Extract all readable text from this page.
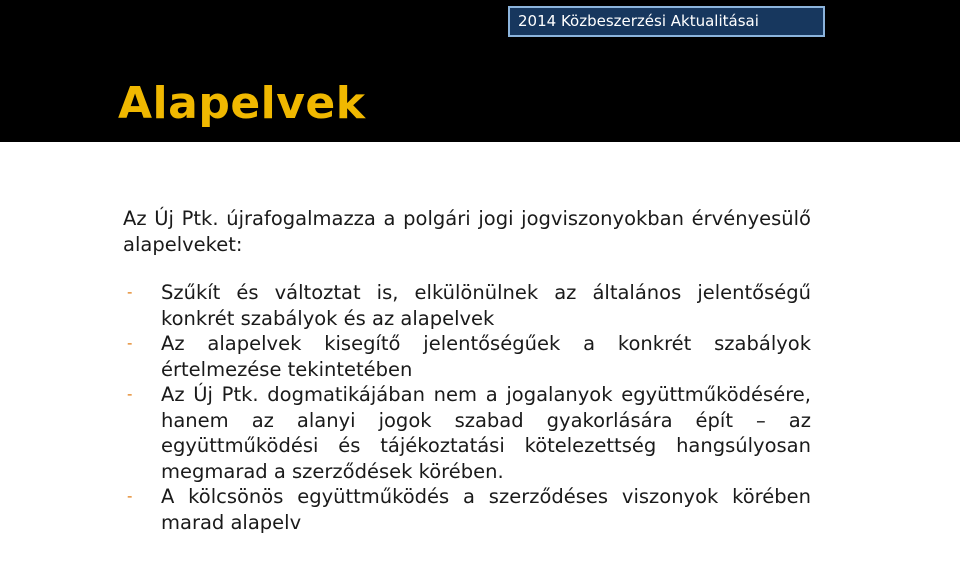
2014 Közbeszerzési Aktualitásai
Alapelvek

Az Új Ptk. újrafogalmazza a polgári jogi jogviszonyokban érvényesülő alapelveket:

- Szűkít és változtat is, elkülönülnek az általános jelentőségű konkrét szabályok és az alapelvek
- Az alapelvek kisegítő jelentőségűek a konkrét szabályok értelmezése tekintetében
- Az Új Ptk. dogmatikájában nem a jogalanyok együttműködésére, hanem az alanyi jogok szabad gyakorlására épít – az együttműködési és tájékoztatási kötelezettség hangsúlyosan megmarad a szerződések körében.
- A kölcsönös együttműködés a szerződéses viszonyok körében marad alapelv
